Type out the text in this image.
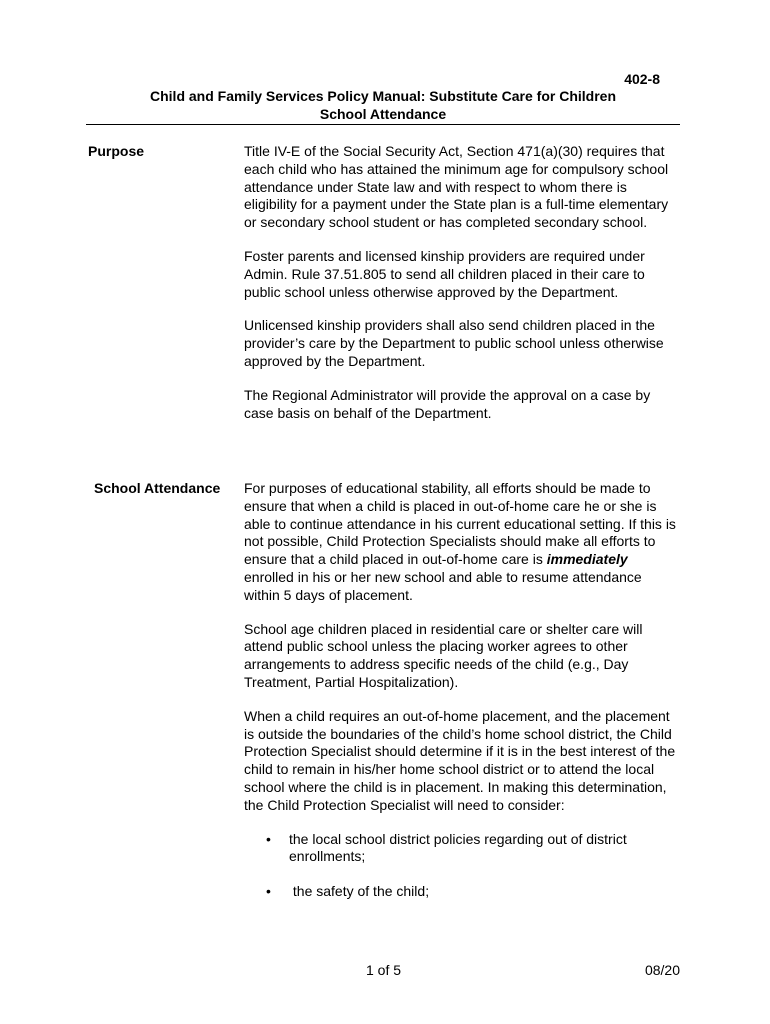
402-8
Child and Family Services Policy Manual: Substitute Care for Children
School Attendance
Purpose	Title IV-E of the Social Security Act, Section 471(a)(30) requires that each child who has attained the minimum age for compulsory school attendance under State law and with respect to whom there is eligibility for a payment under the State plan is a full-time elementary or secondary school student or has completed secondary school.

Foster parents and licensed kinship providers are required under Admin. Rule 37.51.805 to send all children placed in their care to public school unless otherwise approved by the Department.

Unlicensed kinship providers shall also send children placed in the provider’s care by the Department to public school unless otherwise approved by the Department.

The Regional Administrator will provide the approval on a case by case basis on behalf of the Department.

School Attendance For purposes of educational stability, all efforts should be made to ensure that when a child is placed in out-of-home care he or she is able to continue attendance in his current educational setting. If this is not possible, Child Protection Specialists should make all efforts to ensure that a child placed in out-of-home care is immediately enrolled in his or her new school and able to resume attendance within 5 days of placement.

School age children placed in residential care or shelter care will attend public school unless the placing worker agrees to other arrangements to address specific needs of the child (e.g., Day Treatment, Partial Hospitalization).

When a child requires an out-of-home placement, and the placement is outside the boundaries of the child’s home school district, the Child Protection Specialist should determine if it is in the best interest of the child to remain in his/her home school district or to attend the local school where the child is in placement. In making this determination, the Child Protection Specialist will need to consider:

• the local school district policies regarding out of district enrollments;
• the safety of the child;
1 of 5	08/20
